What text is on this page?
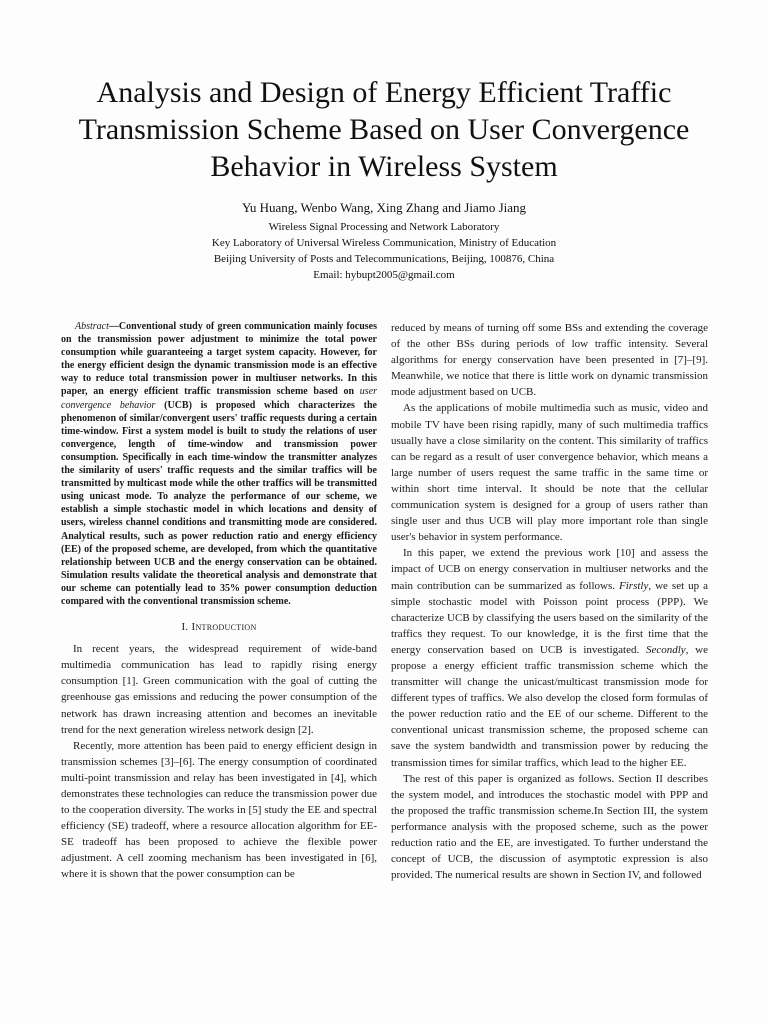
Analysis and Design of Energy Efficient Traffic Transmission Scheme Based on User Convergence Behavior in Wireless System
Yu Huang, Wenbo Wang, Xing Zhang and Jiamo Jiang
Wireless Signal Processing and Network Laboratory
Key Laboratory of Universal Wireless Communication, Ministry of Education
Beijing University of Posts and Telecommunications, Beijing, 100876, China
Email: hybupt2005@gmail.com

Abstract—Conventional study of green communication mainly focuses on the transmission power adjustment to minimize the total power consumption while guaranteeing a target system capacity. However, for the energy efficient design the dynamic transmission mode is an effective way to reduce total transmission power in multiuser networks. In this paper, an energy efficient traffic transmission scheme based on user convergence behavior (UCB) is proposed which characterizes the phenomenon of similar/convergent users' traffic requests during a certain time-window. First a system model is built to study the relations of user convergence, length of time-window and transmission power consumption. Specifically in each time-window the transmitter analyzes the similarity of users' traffic requests and the similar traffics will be transmitted by multicast mode while the other traffics will be transmitted using unicast mode. To analyze the performance of our scheme, we establish a simple stochastic model in which locations and density of users, wireless channel conditions and transmitting mode are considered. Analytical results, such as power reduction ratio and energy efficiency (EE) of the proposed scheme, are developed, from which the quantitative relationship between UCB and the energy conservation can be obtained. Simulation results validate the theoretical analysis and demonstrate that our scheme can potentially lead to 35% power consumption deduction compared with the conventional transmission scheme.

I. Introduction

In recent years, the widespread requirement of wide-band multimedia communication has lead to rapidly rising energy consumption [1]. Green communication with the goal of cutting the greenhouse gas emissions and reducing the power consumption of the network has drawn increasing attention and becomes an inevitable trend for the next generation wireless network design [2].

Recently, more attention has been paid to energy efficient design in transmission schemes [3]–[6]. The energy consumption of coordinated multi-point transmission and relay has been investigated in [4], which demonstrates these technologies can reduce the transmission power due to the cooperation diversity. The works in [5] study the EE and spectral efficiency (SE) tradeoff, where a resource allocation algorithm for EE-SE tradeoff has been proposed to achieve the flexible power adjustment. A cell zooming mechanism has been investigated in [6], where it is shown that the power consumption can be

reduced by means of turning off some BSs and extending the coverage of the other BSs during periods of low traffic intensity. Several algorithms for energy conservation have been presented in [7]–[9]. Meanwhile, we notice that there is little work on dynamic transmission mode adjustment based on UCB.

As the applications of mobile multimedia such as music, video and mobile TV have been rising rapidly, many of such multimedia traffics usually have a close similarity on the content. This similarity of traffics can be regard as a result of user convergence behavior, which means a large number of users request the same traffic in the same time or within short time interval. It should be note that the cellular communication system is designed for a group of users rather than single user and thus UCB will play more important role than single user's behavior in system performance.

In this paper, we extend the previous work [10] and assess the impact of UCB on energy conservation in multiuser networks and the main contribution can be summarized as follows. Firstly, we set up a simple stochastic model with Poisson point process (PPP). We characterize UCB by classifying the users based on the similarity of the traffics they request. To our knowledge, it is the first time that the energy conservation based on UCB is investigated. Secondly, we propose a energy efficient traffic transmission scheme which the transmitter will change the unicast/multicast transmission mode for different types of traffics. We also develop the closed form formulas of the power reduction ratio and the EE of our scheme. Different to the conventional unicast transmission scheme, the proposed scheme can save the system bandwidth and transmission power by reducing the transmission times for similar traffics, which lead to the higher EE.

The rest of this paper is organized as follows. Section II describes the system model, and introduces the stochastic model with PPP and the proposed the traffic transmission scheme.In Section III, the system performance analysis with the proposed scheme, such as the power reduction ratio and the EE, are investigated. To further understand the concept of UCB, the discussion of asymptotic expression is also provided. The numerical results are shown in Section IV, and followed
